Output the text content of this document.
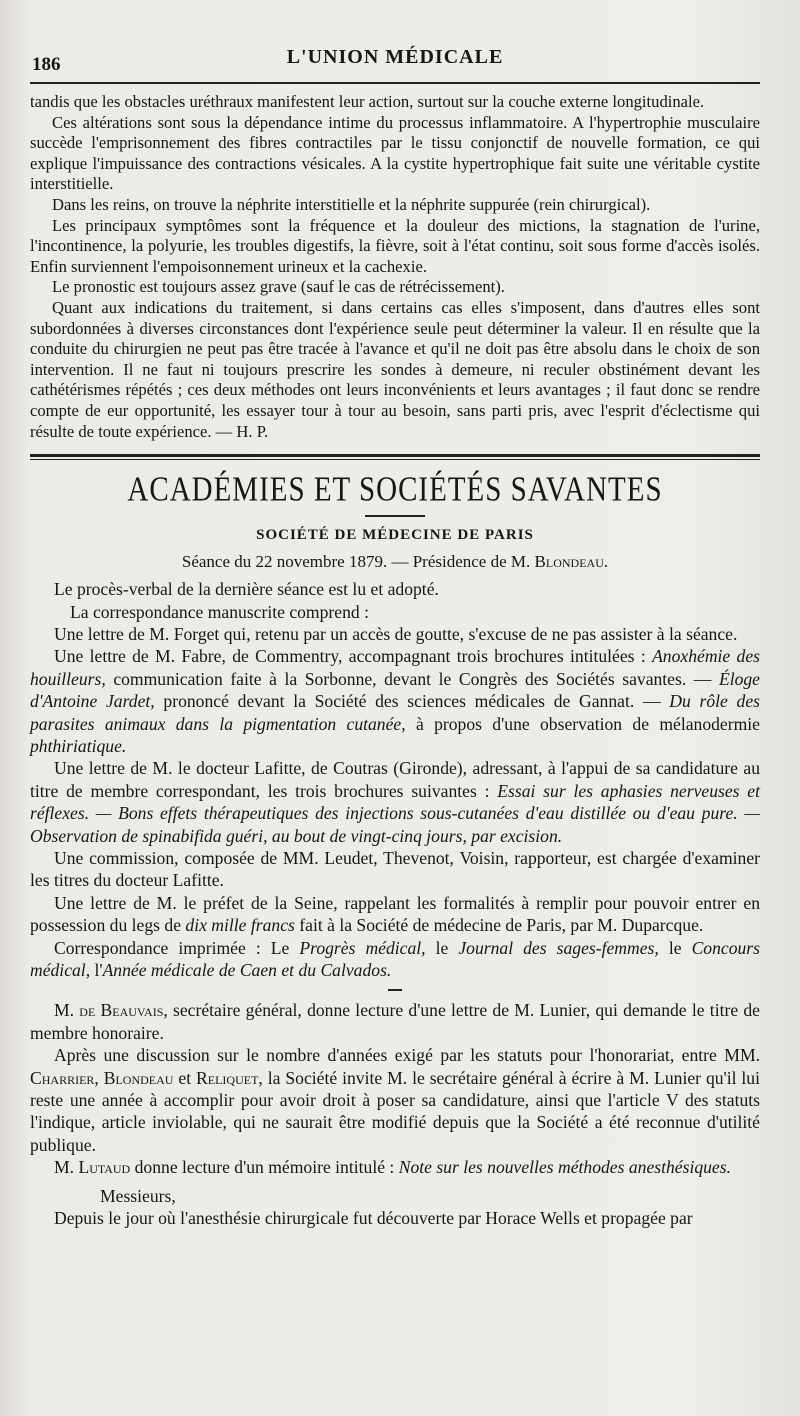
186	L'UNION MÉDICALE

tandis que les obstacles uréthraux manifestent leur action, surtout sur la couche externe longitudinale.

Ces altérations sont sous la dépendance intime du processus inflammatoire. A l'hypertrophie musculaire succède l'emprisonnement des fibres contractiles par le tissu conjonctif de nouvelle formation, ce qui explique l'impuissance des contractions vésicales. A la cystite hypertrophique fait suite une véritable cystite interstitielle.

Dans les reins, on trouve la néphrite interstitielle et la néphrite suppurée (rein chirurgical).

Les principaux symptômes sont la fréquence et la douleur des mictions, la stagnation de l'urine, l'incontinence, la polyurie, les troubles digestifs, la fièvre, soit à l'état continu, soit sous forme d'accès isolés. Enfin surviennent l'empoisonnement urineux et la cachexie.

Le pronostic est toujours assez grave (sauf le cas de rétrécissement).

Quant aux indications du traitement, si dans certains cas elles s'imposent, dans d'autres elles sont subordonnées à diverses circonstances dont l'expérience seule peut déterminer la valeur. Il en résulte que la conduite du chirurgien ne peut pas être tracée à l'avance et qu'il ne doit pas être absolu dans le choix de son intervention. Il ne faut ni toujours prescrire les sondes à demeure, ni reculer obstinément devant les cathétérismes répétés ; ces deux méthodes ont leurs inconvénients et leurs avantages ; il faut donc se rendre compte de eur opportunité, les essayer tour à tour au besoin, sans parti pris, avec l'esprit d'éclectisme qui résulte de toute expérience. — H. P.

ACADÉMIES ET SOCIÉTÉS SAVANTES
SOCIÉTÉ DE MÉDECINE DE PARIS
Séance du 22 novembre 1879. — Présidence de M. Blondeau.

Le procès-verbal de la dernière séance est lu et adopté.

La correspondance manuscrite comprend :

Une lettre de M. Forget qui, retenu par un accès de goutte, s'excuse de ne pas assister à la séance.

Une lettre de M. Fabre, de Commentry, accompagnant trois brochures intitulées : Anoxhémie des houilleurs, communication faite à la Sorbonne, devant le Congrès des Sociétés savantes. — Éloge d'Antoine Jardet, prononcé devant la Société des sciences médicales de Gannat. — Du rôle des parasites animaux dans la pigmentation cutanée, à propos d'une observation de mélanodermie phthiriatique.

Une lettre de M. le docteur Lafitte, de Coutras (Gironde), adressant, à l'appui de sa candidature au titre de membre correspondant, les trois brochures suivantes : Essai sur les aphasies nerveuses et réflexes. — Bons effets thérapeutiques des injections sous-cutanées d'eau distillée ou d'eau pure. — Observation de spinabifida guéri, au bout de vingt-cinq jours, par excision.

Une commission, composée de MM. Leudet, Thevenot, Voisin, rapporteur, est chargée d'examiner les titres du docteur Lafitte.

Une lettre de M. le préfet de la Seine, rappelant les formalités à remplir pour pouvoir entrer en possession du legs de dix mille francs fait à la Société de médecine de Paris, par M. Duparcque.

Correspondance imprimée : Le Progrès médical, le Journal des sages-femmes, le Concours médical, l'Année médicale de Caen et du Calvados.

M. de Beauvais, secrétaire général, donne lecture d'une lettre de M. Lunier, qui demande le titre de membre honoraire.

Après une discussion sur le nombre d'années exigé par les statuts pour l'honorariat, entre MM. Charrier, Blondeau et Reliquet, la Société invite M. le secrétaire général à écrire à M. Lunier qu'il lui reste une année à accomplir pour avoir droit à poser sa candidature, ainsi que l'article V des statuts l'indique, article inviolable, qui ne saurait être modifié depuis que la Société a été reconnue d'utilité publique.

M. Lutaud donne lecture d'un mémoire intitulé : Note sur les nouvelles méthodes anesthésiques.

Messieurs,

Depuis le jour où l'anesthésie chirurgicale fut découverte par Horace Wells et propagée par
